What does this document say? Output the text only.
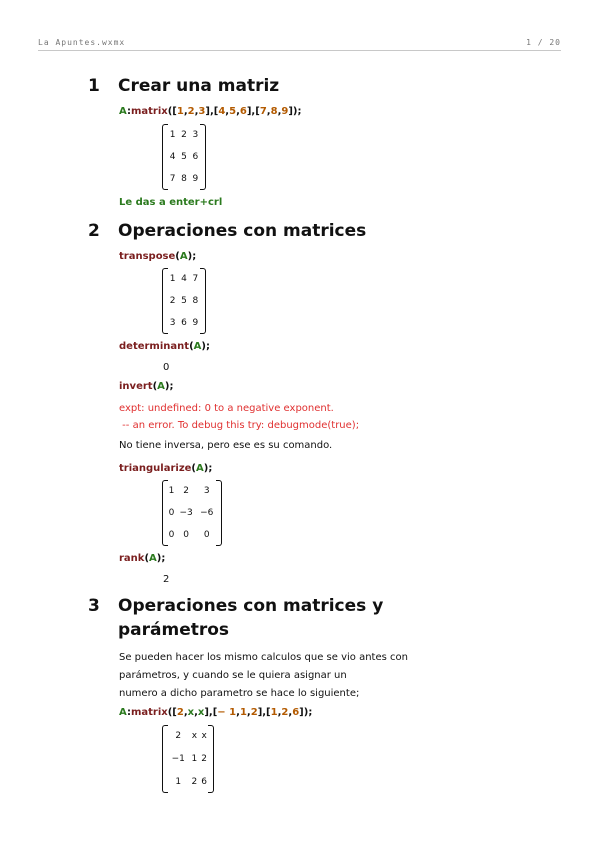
La Apuntes.wxmx	1 / 20
1 Crear una matriz
A:matrix([1,2,3],[4,5,6],[7,8,9]);
1	2	3
4	5	6
7	8	9
Le das a enter+crl
2 Operaciones con matrices
transpose(A);
1	4	7
2	5	8
3	6	9
determinant(A);
0
invert(A);
expt: undefined: 0 to a negative exponent.
-- an error. To debug this try: debugmode(true);
No tiene inversa, pero ese es su comando.
triangularize(A);
1	2	3
0	−3	−6
0	0	0
rank(A);
2
3 Operaciones con matrices y
parámetros
Se pueden hacer los mismo calculos que se vio antes con
parámetros, y cuando se le quiera asignar un
numero a dicho parametro se hace lo siguiente;
A:matrix([2,x,x],[− 1,1,2],[1,2,6]);
2	x	x
−1	1	2
1	2	6
